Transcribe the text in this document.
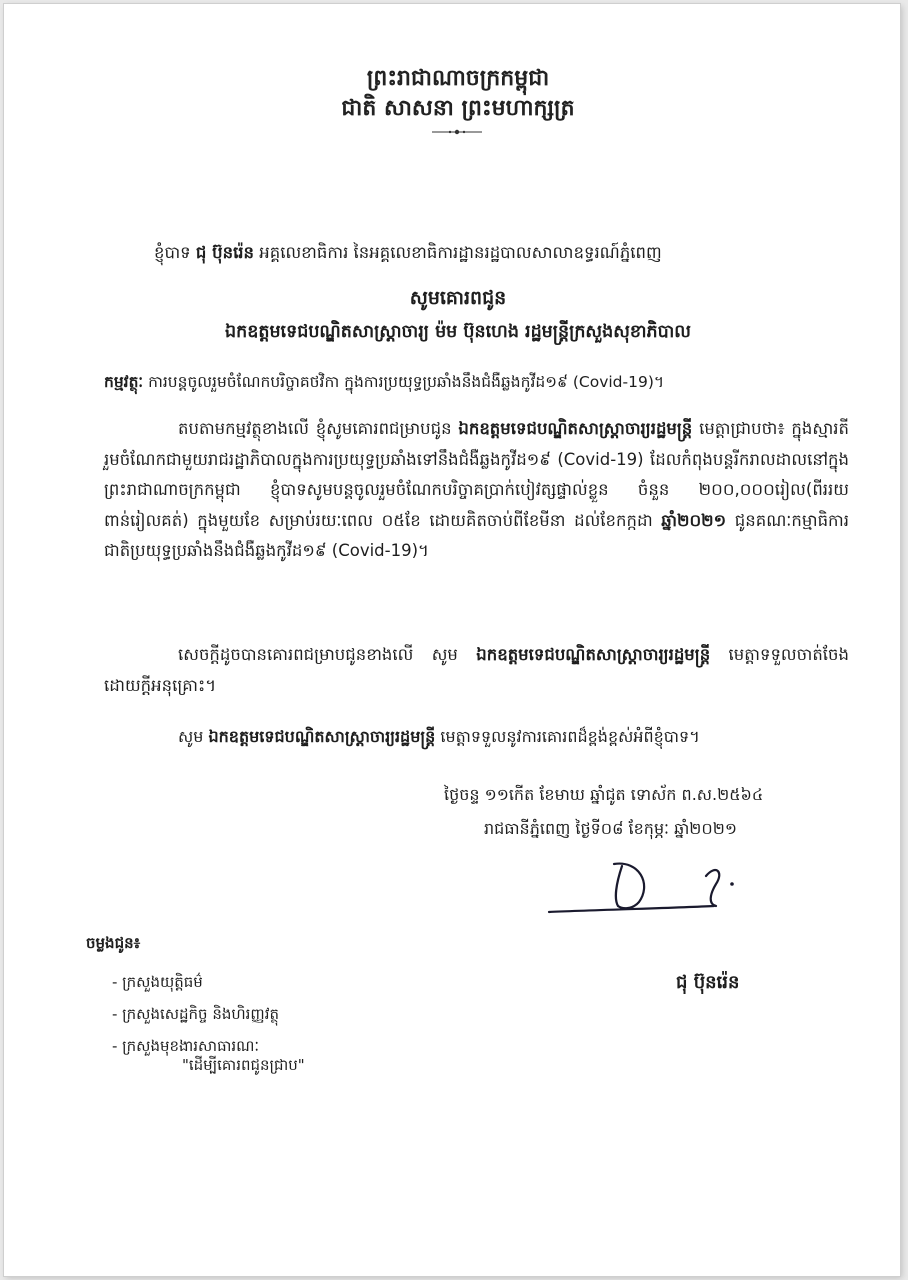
ព្រះរាជាណាចក្រកម្ពុជា
ជាតិ សាសនា ព្រះមហាក្សត្រ
ខ្ញុំបាទ ជុ ប៊ុនរ៉េន អគ្គលេខាធិការ នៃអគ្គលេខាធិការដ្ឋានរដ្ឋបាលសាលាឧទ្ធរណ៍ភ្នំពេញ
សូមគោរពជូន
ឯកឧត្តមទេជបណ្ឌិតសាស្ត្រាចារ្យ ម៉ម ប៊ុនហេង រដ្ឋមន្ត្រីក្រសួងសុខាភិបាល
កម្មវត្ថុៈ ការបន្តចូលរួមចំណែកបរិច្ចាគថវិកា ក្នុងការប្រយុទ្ធប្រឆាំងនឹងជំងឺឆ្លងកូវីដ១៩ (Covid-19)។
តបតាមកម្មវត្ថុខាងលើ ខ្ញុំសូមគោរពជម្រាបជូន ឯកឧត្តមទេជបណ្ឌិតសាស្ត្រាចារ្យរដ្ឋមន្ត្រី មេត្តាជ្រាបថា៖ ក្នុងស្មារតីរួមចំណែកជាមួយរាជរដ្ឋាភិបាលក្នុងការប្រយុទ្ធប្រឆាំងទៅនឹងជំងឺឆ្លងកូវីដ១៩ (Covid-19) ដែលកំពុងបន្តរីករាលដាលនៅក្នុងព្រះរាជាណាចក្រកម្ពុជា ខ្ញុំបាទសូមបន្តចូលរួមចំណែកបរិច្ចាគប្រាក់បៀវត្សផ្ទាល់ខ្លួន ចំនួន ២០០,០០០រៀល(ពីររយពាន់រៀលគត់) ក្នុងមួយខែ សម្រាប់រយៈពេល ០៥ខែ ដោយគិតចាប់ពីខែមីនា ដល់ខែកក្កដា ឆ្នាំ២០២១ ជូនគណៈកម្មាធិការជាតិប្រយុទ្ធប្រឆាំងនឹងជំងឺឆ្លងកូវីដ១៩ (Covid-19)។
សេចក្តីដូចបានគោរពជម្រាបជូនខាងលើ សូម ឯកឧត្តមទេជបណ្ឌិតសាស្ត្រាចារ្យរដ្ឋមន្ត្រី មេត្តាទទួលចាត់ចែងដោយក្តីអនុគ្រោះ។
សូម ឯកឧត្តមទេជបណ្ឌិតសាស្ត្រាចារ្យរដ្ឋមន្ត្រី មេត្តាទទួលនូវការគោរពដ៏ខ្ពង់ខ្ពស់អំពីខ្ញុំបាទ។
ថ្ងៃចន្ទ ១១កើត ខែមាឃ ឆ្នាំជូត ទោស័ក ព.ស.២៥៦៤
រាជធានីភ្នំពេញ ថ្ងៃទី០៨ ខែកុម្ភៈ ឆ្នាំ២០២១
ជុ ប៊ុនរ៉េន
ចម្លងជូន៖
- ក្រសួងយុត្តិធម៌
- ក្រសួងសេដ្ឋកិច្ច និងហិរញ្ញវត្ថុ
- ក្រសួងមុខងារសាធារណៈ
"ដើម្បីគោរពជូនជ្រាប"
